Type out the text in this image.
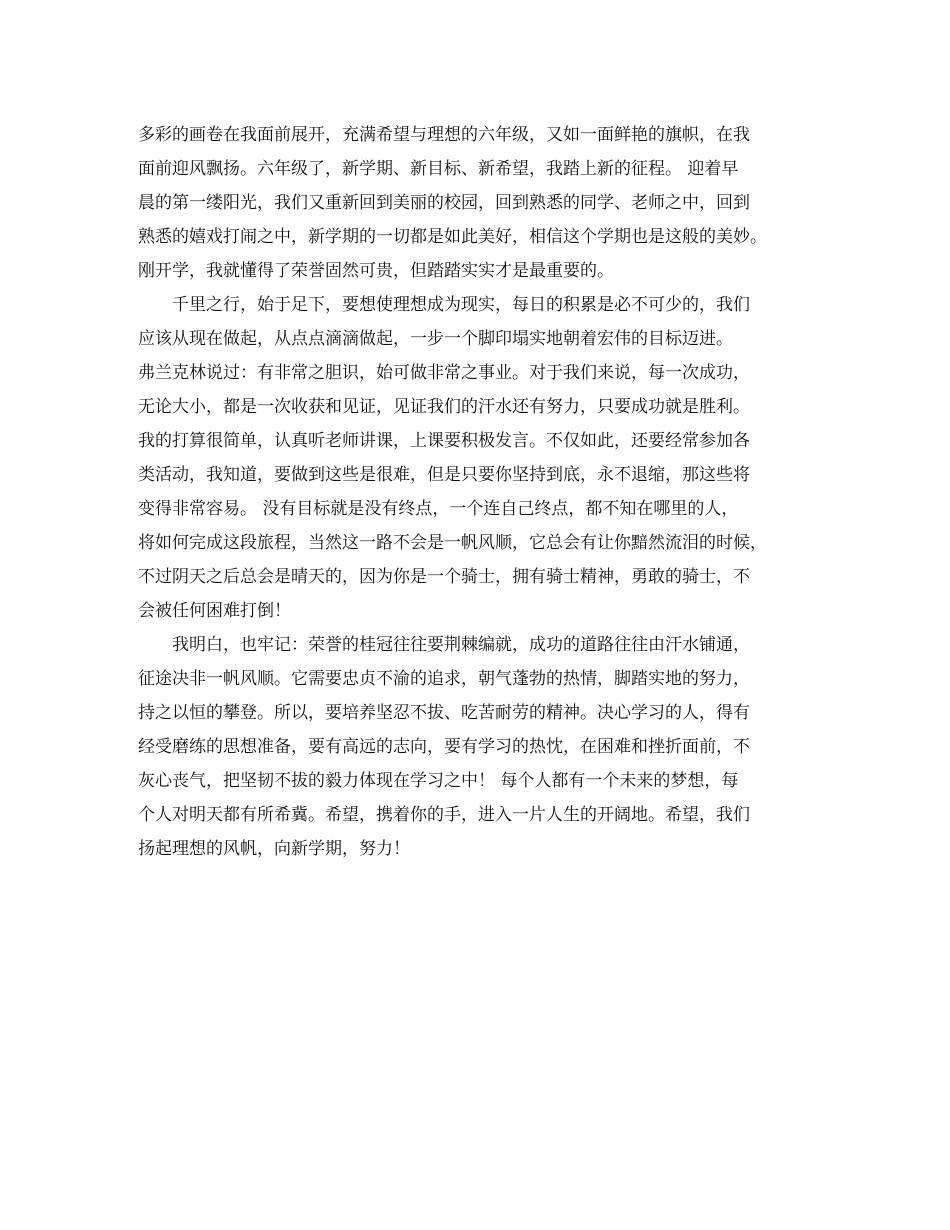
多彩的画卷在我面前展开，充满希望与理想的六年级，又如一面鲜艳的旗帜，在我
面前迎风飘扬。六年级了，新学期、新目标、新希望，我踏上新的征程。 迎着早
晨的第一缕阳光，我们又重新回到美丽的校园，回到熟悉的同学、老师之中，回到
熟悉的嬉戏打闹之中，新学期的一切都是如此美好，相信这个学期也是这般的美妙。
刚开学，我就懂得了荣誉固然可贵，但踏踏实实才是最重要的。
千里之行，始于足下，要想使理想成为现实，每日的积累是必不可少的，我们
应该从现在做起，从点点滴滴做起，一步一个脚印塌实地朝着宏伟的目标迈进。
弗兰克林说过：有非常之胆识，始可做非常之事业。对于我们来说，每一次成功，
无论大小，都是一次收获和见证，见证我们的汗水还有努力，只要成功就是胜利。
我的打算很简单，认真听老师讲课，上课要积极发言。不仅如此，还要经常参加各
类活动，我知道，要做到这些是很难，但是只要你坚持到底，永不退缩，那这些将
变得非常容易。 没有目标就是没有终点，一个连自己终点，都不知在哪里的人，
将如何完成这段旅程，当然这一路不会是一帆风顺，它总会有让你黯然流泪的时候，
不过阴天之后总会是晴天的，因为你是一个骑士，拥有骑士精神，勇敢的骑士，不
会被任何困难打倒！
我明白，也牢记：荣誉的桂冠往往要荆棘编就，成功的道路往往由汗水铺通，
征途决非一帆风顺。它需要忠贞不渝的追求，朝气蓬勃的热情，脚踏实地的努力，
持之以恒的攀登。所以，要培养坚忍不拔、吃苦耐劳的精神。决心学习的人，得有
经受磨练的思想准备，要有高远的志向，要有学习的热忱，在困难和挫折面前，不
灰心丧气，把坚韧不拔的毅力体现在学习之中！ 每个人都有一个未来的梦想，每
个人对明天都有所希冀。希望，携着你的手，进入一片人生的开阔地。希望，我们
扬起理想的风帆，向新学期，努力！
